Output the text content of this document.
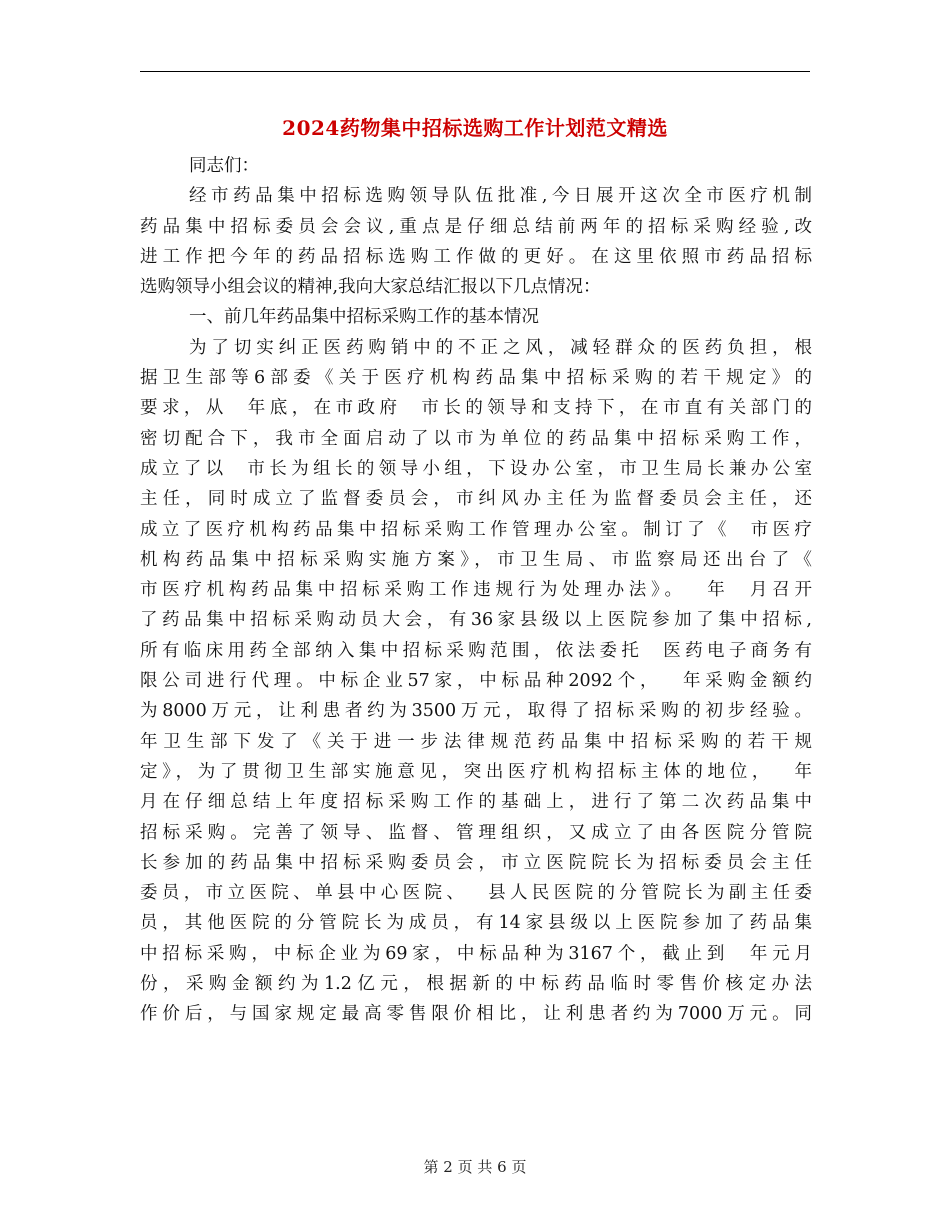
2024药物集中招标选购工作计划范文精选
同志们：
经市药品集中招标选购领导队伍批准,今日展开这次全市医疗机制
药品集中招标委员会会议,重点是仔细总结前两年的招标采购经验,改
进工作把今年的药品招标选购工作做的更好。在这里依照市药品招标
选购领导小组会议的精神,我向大家总结汇报以下几点情况：
一、前几年药品集中招标采购工作的基本情况
为了切实纠正医药购销中的不正之风，减轻群众的医药负担，根
据卫生部等6部委《关于医疗机构药品集中招标采购的若干规定》的
要求，从  年底，在市政府  市长的领导和支持下，在市直有关部门的
密切配合下，我市全面启动了以市为单位的药品集中招标采购工作，
成立了以  市长为组长的领导小组，下设办公室，市卫生局长兼办公室
主任，同时成立了监督委员会，市纠风办主任为监督委员会主任，还
成立了医疗机构药品集中招标采购工作管理办公室。制订了《  市医疗
机构药品集中招标采购实施方案》，市卫生局、市监察局还出台了《
市医疗机构药品集中招标采购工作违规行为处理办法》。  年  月召开
了药品集中招标采购动员大会，有36家县级以上医院参加了集中招标,
所有临床用药全部纳入集中招标采购范围，依法委托  医药电子商务有
限公司进行代理。中标企业57家，中标品种2092个，  年采购金额约
为8000万元，让利患者约为3500万元，取得了招标采购的初步经验。
年卫生部下发了《关于进一步法律规范药品集中招标采购的若干规
定》，为了贯彻卫生部实施意见，突出医疗机构招标主体的地位，  年
月在仔细总结上年度招标采购工作的基础上，进行了第二次药品集中
招标采购。完善了领导、监督、管理组织，又成立了由各医院分管院
长参加的药品集中招标采购委员会，市立医院院长为招标委员会主任
委员，市立医院、单县中心医院、  县人民医院的分管院长为副主任委
员，其他医院的分管院长为成员，有14家县级以上医院参加了药品集
中招标采购，中标企业为69家，中标品种为3167个，截止到  年元月
份，采购金额约为1.2亿元，根据新的中标药品临时零售价核定办法
作价后，与国家规定最高零售限价相比，让利患者约为7000万元。同
第 2 页 共 6 页
